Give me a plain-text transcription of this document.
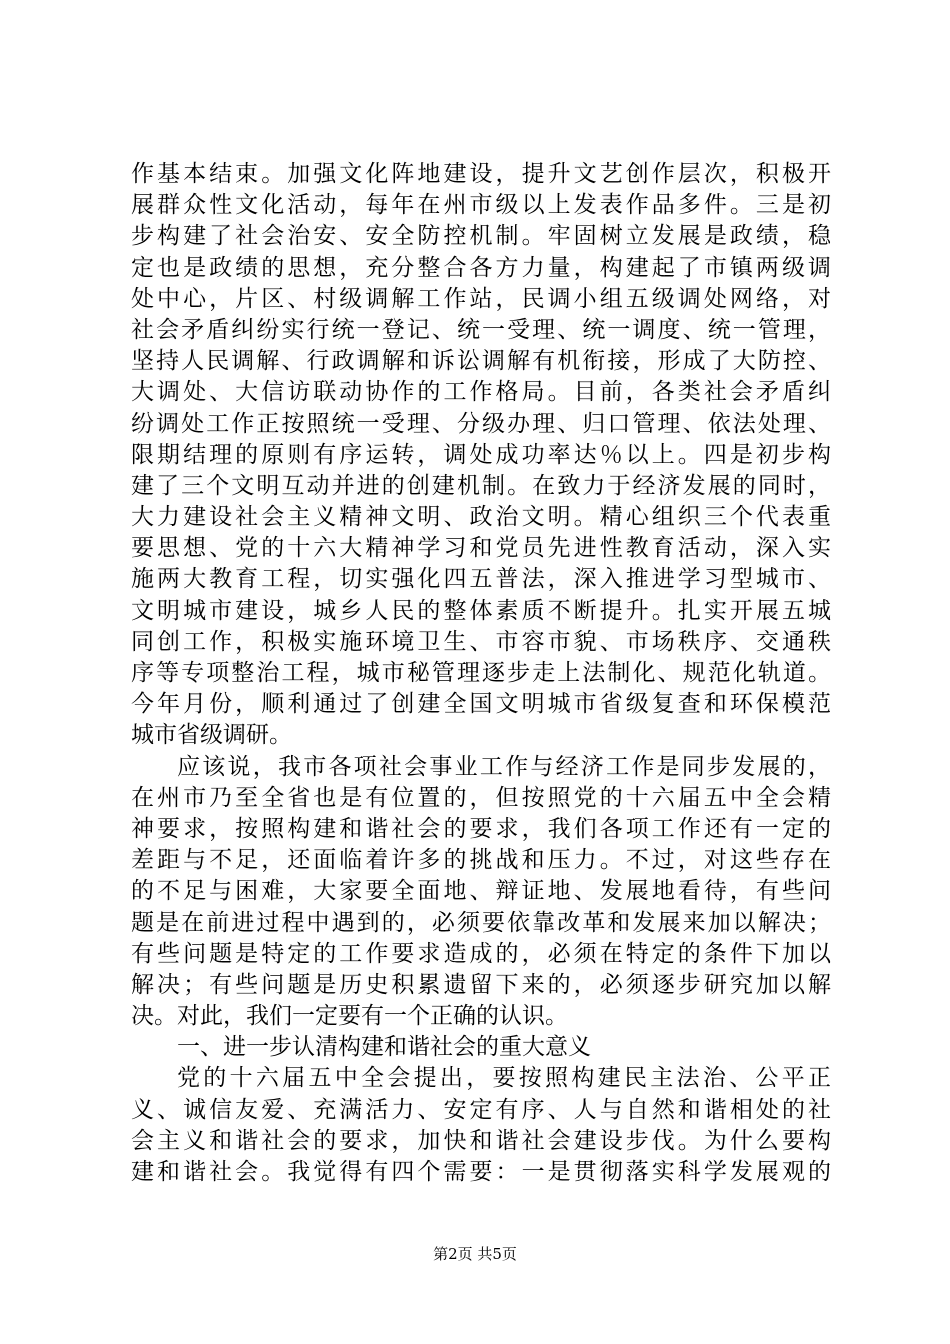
作基本结束。加强文化阵地建设，提升文艺创作层次，积极开
展群众性文化活动，每年在州市级以上发表作品多件。三是初
步构建了社会治安、安全防控机制。牢固树立发展是政绩，稳
定也是政绩的思想，充分整合各方力量，构建起了市镇两级调
处中心，片区、村级调解工作站，民调小组五级调处网络，对
社会矛盾纠纷实行统一登记、统一受理、统一调度、统一管理，
坚持人民调解、行政调解和诉讼调解有机衔接，形成了大防控、
大调处、大信访联动协作的工作格局。目前，各类社会矛盾纠
纷调处工作正按照统一受理、分级办理、归口管理、依法处理、
限期结理的原则有序运转，调处成功率达％以上。四是初步构
建了三个文明互动并进的创建机制。在致力于经济发展的同时，
大力建设社会主义精神文明、政治文明。精心组织三个代表重
要思想、党的十六大精神学习和党员先进性教育活动，深入实
施两大教育工程，切实强化四五普法，深入推进学习型城市、
文明城市建设，城乡人民的整体素质不断提升。扎实开展五城
同创工作，积极实施环境卫生、市容市貌、市场秩序、交通秩
序等专项整治工程，城市秘管理逐步走上法制化、规范化轨道。
今年月份，顺利通过了创建全国文明城市省级复查和环保模范
城市省级调研。
应该说，我市各项社会事业工作与经济工作是同步发展的，
在州市乃至全省也是有位置的，但按照党的十六届五中全会精
神要求，按照构建和谐社会的要求，我们各项工作还有一定的
差距与不足，还面临着许多的挑战和压力。不过，对这些存在
的不足与困难，大家要全面地、辩证地、发展地看待，有些问
题是在前进过程中遇到的，必须要依靠改革和发展来加以解决；
有些问题是特定的工作要求造成的，必须在特定的条件下加以
解决；有些问题是历史积累遗留下来的，必须逐步研究加以解
决。对此，我们一定要有一个正确的认识。
一、进一步认清构建和谐社会的重大意义
党的十六届五中全会提出，要按照构建民主法治、公平正
义、诚信友爱、充满活力、安定有序、人与自然和谐相处的社
会主义和谐社会的要求，加快和谐社会建设步伐。为什么要构
建和谐社会。我觉得有四个需要：一是贯彻落实科学发展观的
第2页 共5页
